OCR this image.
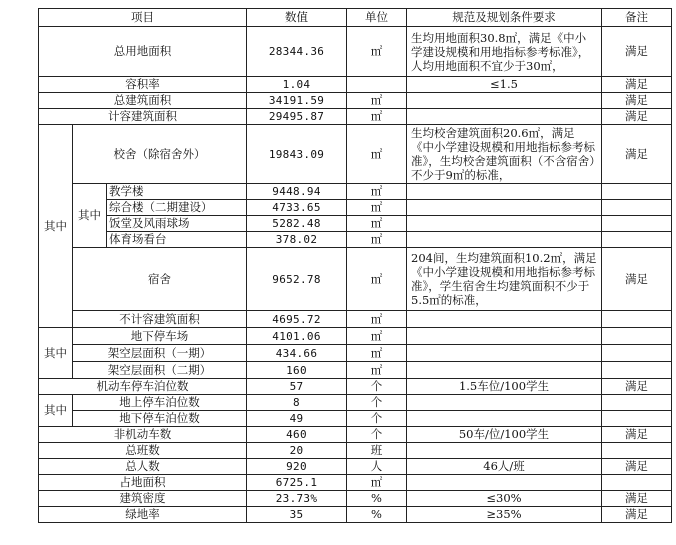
项目			数值	单位	规范及规划条件要求	备注
总用地面积			28344.36	㎡	生均用地面积30.8㎡，满足《中小学建设规模和用地指标参考标准》，人均用地面积不宜少于30㎡，	满足
容积率			1.04		≤1.5	满足
总建筑面积			34191.59	㎡		满足
计容建筑面积			29495.87	㎡		满足
其中	校舍（除宿舍外）		19843.09	㎡	生均校舍建筑面积20.6㎡，满足《中小学建设规模和用地指标参考标准》，生均校舍建筑面积（不含宿舍）不少于9㎡的标准，	满足
	其中	教学楼	9448.94	㎡		
		综合楼（二期建设）	4733.65	㎡		
		饭堂及风雨球场	5282.48	㎡		
		体育场看台	378.02	㎡		
	宿舍		9652.78	㎡	204间，生均建筑面积10.2㎡，满足《中小学建设规模和用地指标参考标准》，学生宿舍生均建筑面积不少于5.5㎡的标准，	满足
	不计容建筑面积		4695.72	㎡		
其中	地下停车场		4101.06	㎡		
	架空层面积（一期）		434.66	㎡		
	架空层面积（二期）		160	㎡		
机动车停车泊位数			57	个	1.5车位/100学生	满足
其中	地上停车泊位数		8	个		
	地下停车泊位数		49	个		
非机动车数			460	个	50车/位/100学生	满足
总班数			20	班		
总人数			920	人	46人/班	满足
占地面积			6725.1	㎡		
建筑密度			23.73%	%	≤30%	满足
绿地率			35	%	≥35%	满足
